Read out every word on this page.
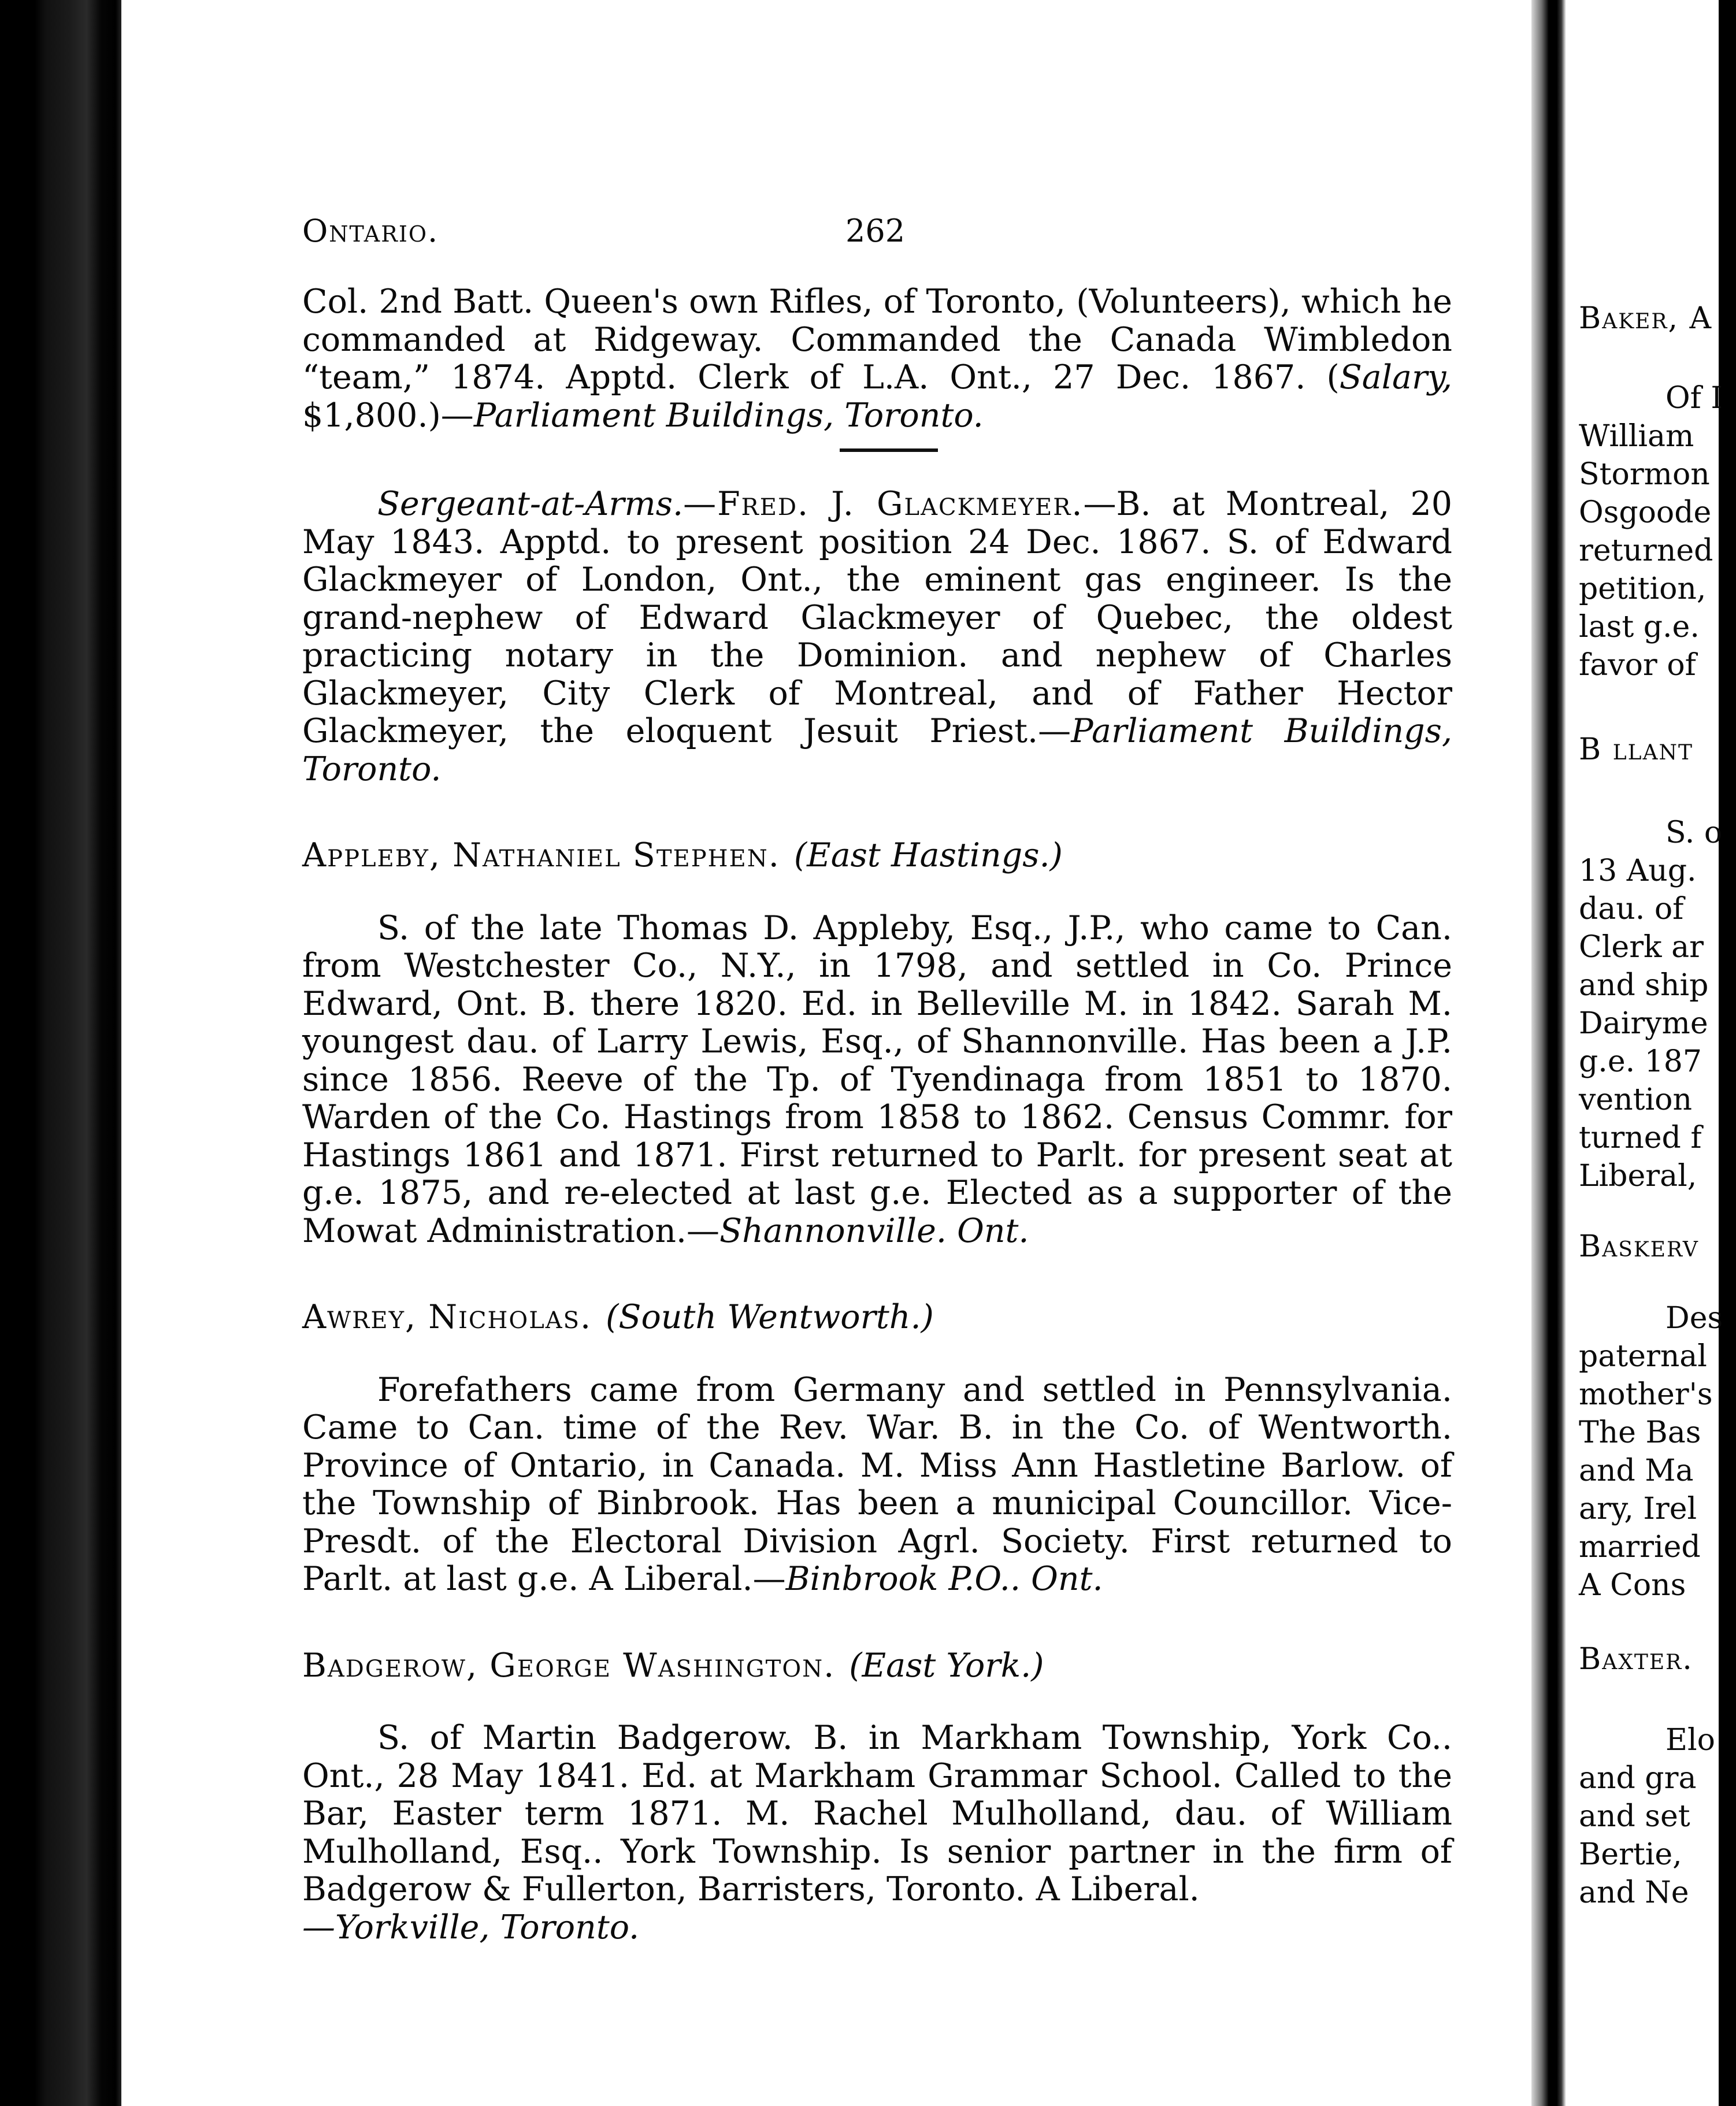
Ontario.	262

Col. 2nd Batt. Queen's own Rifles, of Toronto, (Volunteers), which he commanded at Ridgeway. Commanded the Canada Wimbledon “team,” 1874. Apptd. Clerk of L.A. Ont., 27 Dec. 1867. (Salary, $1,800.)—Parliament Buildings, Toronto.

Sergeant-at-Arms.—Fred. J. Glackmeyer.—B. at Montreal, 20 May 1843. Apptd. to present position 24 Dec. 1867. S. of Edward Glackmeyer of London, Ont., the eminent gas engineer. Is the grand-nephew of Edward Glackmeyer of Quebec, the oldest practicing notary in the Dominion. and nephew of Charles Glackmeyer, City Clerk of Montreal, and of Father Hector Glackmeyer, the eloquent Jesuit Priest.—Parliament Buildings, Toronto.

Appleby, Nathaniel Stephen. (East Hastings.)

S. of the late Thomas D. Appleby, Esq., J.P., who came to Can. from Westchester Co., N.Y., in 1798, and settled in Co. Prince Edward, Ont. B. there 1820. Ed. in Belleville M. in 1842. Sarah M. youngest dau. of Larry Lewis, Esq., of Shannonville. Has been a J.P. since 1856. Reeve of the Tp. of Tyendinaga from 1851 to 1870. Warden of the Co. Hastings from 1858 to 1862. Census Commr. for Hastings 1861 and 1871. First returned to Parlt. for present seat at g.e. 1875, and re-elected at last g.e. Elected as a supporter of the Mowat Administration.—Shannonville. Ont.

Awrey, Nicholas. (South Wentworth.)

Forefathers came from Germany and settled in Pennsylvania. Came to Can. time of the Rev. War. B. in the Co. of Wentworth. Province of Ontario, in Canada. M. Miss Ann Hastletine Barlow. of the Township of Binbrook. Has been a municipal Councillor. Vice-Presdt. of the Electoral Division Agrl. Society. First returned to Parlt. at last g.e. A Liberal.—Binbrook P.O.. Ont.

Badgerow, George Washington. (East York.)

S. of Martin Badgerow. B. in Markham Township, York Co.. Ont., 28 May 1841. Ed. at Markham Grammar School. Called to the Bar, Easter term 1871. M. Rachel Mulholland, dau. of William Mulholland, Esq.. York Township. Is senior partner in the firm of Badgerow & Fullerton, Barristers, Toronto. A Liberal.
—Yorkville, Toronto.

Baker, A
Of I
William
Stormon
Osgoode
returned
petition,
last g.e.
favor of
B llant
S. o
13 Aug.
dau. of
Clerk ar
and ship
Dairyme
g.e. 187
vention
turned f
Liberal,
Baskerv
Des
paternal
mother's
The Bas
and Ma
ary, Irel
married
A Cons
Baxter.
Elo
and gra
and set
Bertie,
and Ne
